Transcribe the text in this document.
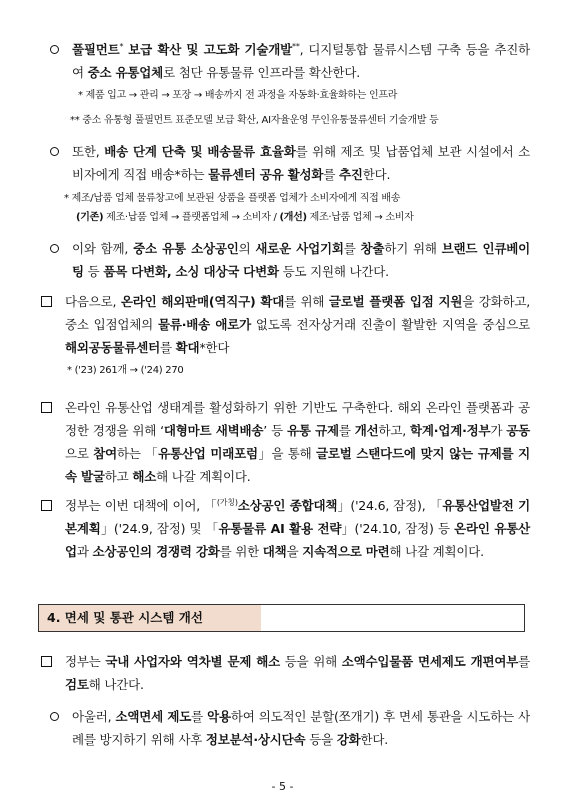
풀필먼트* 보급 확산 및 고도화 기술개발**, 디지털통합 물류시스템 구축 등을 추진하여 중소 유통업체로 첨단 유통물류 인프라를 확산한다.
* 제품 입고 → 관리 → 포장 → 배송까지 전 과정을 자동화·효율화하는 인프라
** 중소 유통형 풀필먼트 표준모델 보급 확산, AI자율운영 무인유통물류센터 기술개발 등
또한, 배송 단계 단축 및 배송물류 효율화를 위해 제조 및 납품업체 보관 시설에서 소비자에게 직접 배송*하는 물류센터 공유 활성화를 추진한다.
* 제조/납품 업체 물류창고에 보관된 상품을 플랫폼 업체가 소비자에게 직접 배송
(기존) 제조·납품 업체 → 플랫폼업체 → 소비자 / (개선) 제조·납품 업체 → 소비자
이와 함께, 중소 유통 소상공인의 새로운 사업기회를 창출하기 위해 브랜드 인큐베이팅 등 품목 다변화, 소싱 대상국 다변화 등도 지원해 나간다.
다음으로, 온라인 해외판매(역직구) 확대를 위해 글로벌 플랫폼 입점 지원을 강화하고, 중소 입점업체의 물류·배송 애로가 없도록 전자상거래 진출이 활발한 지역을 중심으로 해외공동물류센터를 확대*한다
* ('23) 261개 → ('24) 270
온라인 유통산업 생태계를 활성화하기 위한 기반도 구축한다. 해외 온라인 플랫폼과 공정한 경쟁을 위해 ‘대형마트 새벽배송’ 등 유통 규제를 개선하고, 학계·업계·정부가 공동으로 참여하는 「유통산업 미래포럼」을 통해 글로벌 스탠다드에 맞지 않는 규제를 지속 발굴하고 해소해 나갈 계획이다.
정부는 이번 대책에 이어, 「$^{(가칭)}$소상공인 종합대책」('24.6, 잠정), 「유통산업발전 기본계획」('24.9, 잠정) 및 「유통물류 AI 활용 전략」('24.10, 잠정) 등 온라인 유통산업과 소상공인의 경쟁력 강화를 위한 대책을 지속적으로 마련해 나갈 계획이다.
4. 면세 및 통관 시스템 개선
정부는 국내 사업자와 역차별 문제 해소 등을 위해 소액수입물품 면세제도 개편여부를 검토해 나간다.
아울러, 소액면세 제도를 악용하여 의도적인 분할(쪼개기) 후 면세 통관을 시도하는 사례를 방지하기 위해 사후 정보분석·상시단속 등을 강화한다.
- 5 -
